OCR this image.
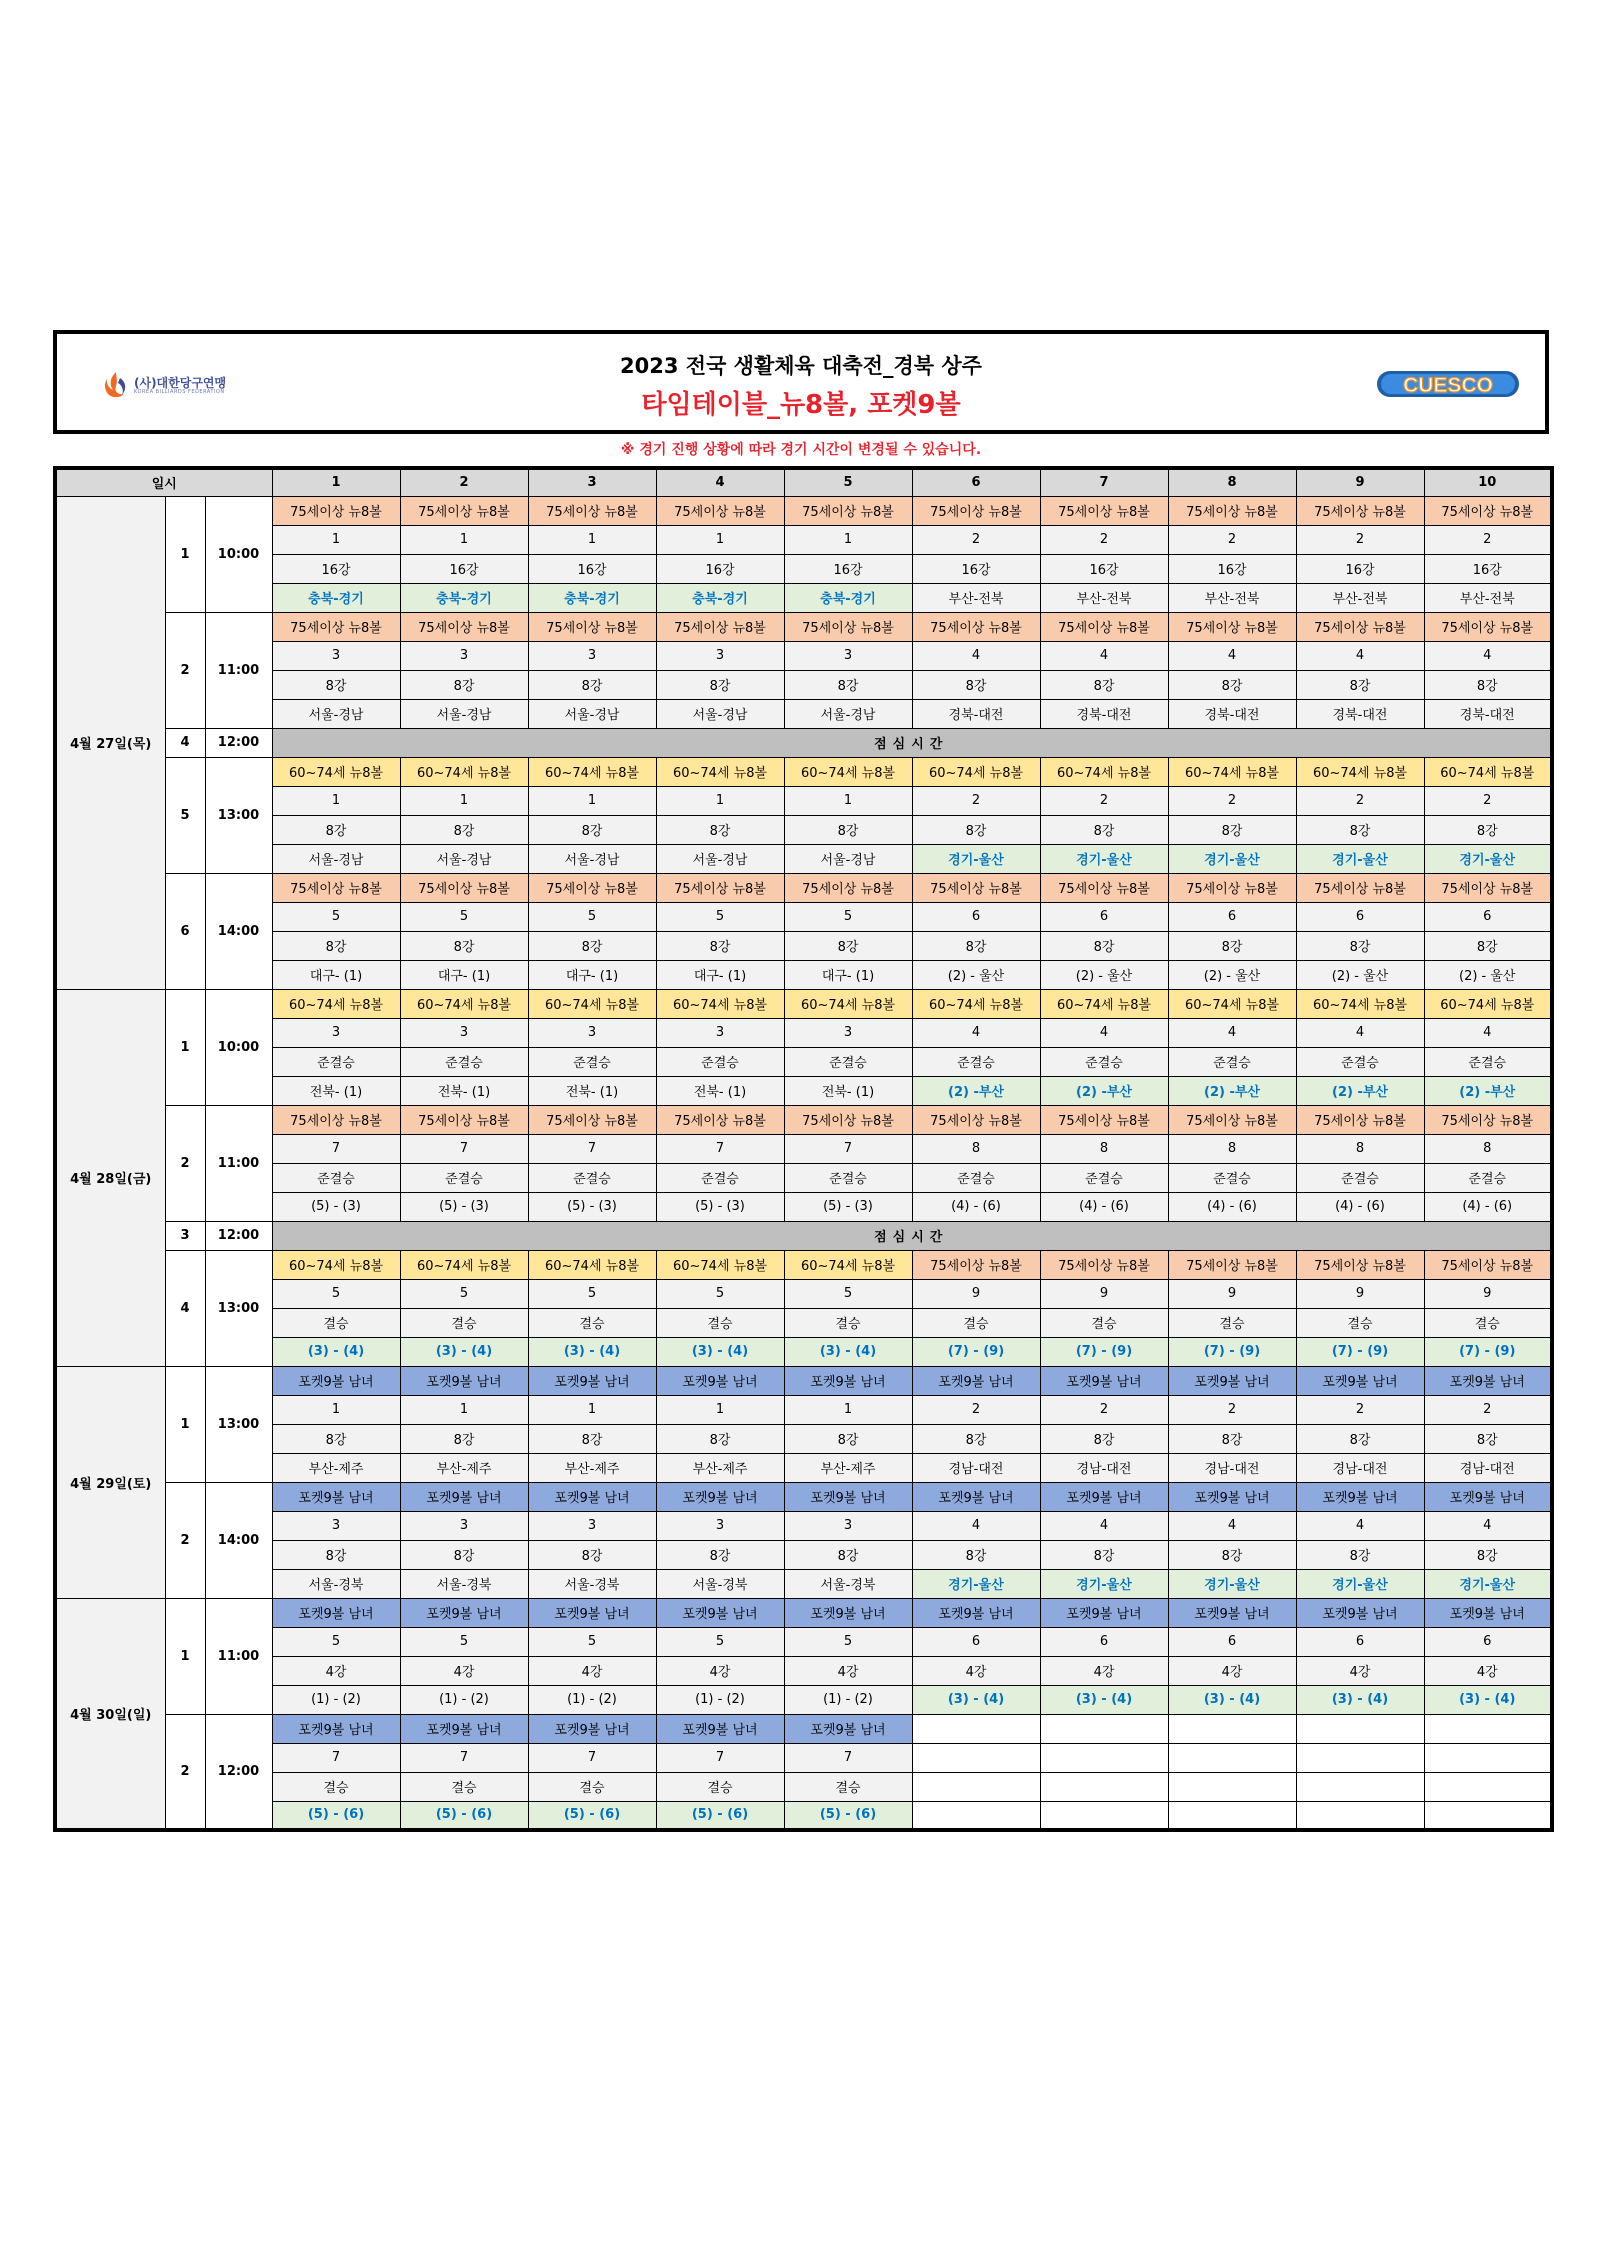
(사)대한당구연맹
KOREA BILLIARDS FEDERATION
2023 전국 생활체육 대축전_경북 상주
타임테이블_뉴8볼, 포켓9볼
CUESCO
※ 경기 진행 상황에 따라 경기 시간이 변경될 수 있습니다.
일시			1	2	3	4	5	6	7	8	9	10
4월 27일(목)	1	10:00	75세이상 뉴8볼	75세이상 뉴8볼	75세이상 뉴8볼	75세이상 뉴8볼	75세이상 뉴8볼	75세이상 뉴8볼	75세이상 뉴8볼	75세이상 뉴8볼	75세이상 뉴8볼	75세이상 뉴8볼
			1	1	1	1	1	2	2	2	2	2
			16강	16강	16강	16강	16강	16강	16강	16강	16강	16강
			충북-경기	충북-경기	충북-경기	충북-경기	충북-경기	부산-전북	부산-전북	부산-전북	부산-전북	부산-전북
	2	11:00	75세이상 뉴8볼	75세이상 뉴8볼	75세이상 뉴8볼	75세이상 뉴8볼	75세이상 뉴8볼	75세이상 뉴8볼	75세이상 뉴8볼	75세이상 뉴8볼	75세이상 뉴8볼	75세이상 뉴8볼
			3	3	3	3	3	4	4	4	4	4
			8강	8강	8강	8강	8강	8강	8강	8강	8강	8강
			서울-경남	서울-경남	서울-경남	서울-경남	서울-경남	경북-대전	경북-대전	경북-대전	경북-대전	경북-대전
	4	12:00	점심시간									

	5	13:00	60~74세 뉴8볼	60~74세 뉴8볼	60~74세 뉴8볼	60~74세 뉴8볼	60~74세 뉴8볼	60~74세 뉴8볼	60~74세 뉴8볼	60~74세 뉴8볼	60~74세 뉴8볼	60~74세 뉴8볼
			1	1	1	1	1	2	2	2	2	2
			8강	8강	8강	8강	8강	8강	8강	8강	8강	8강
			서울-경남	서울-경남	서울-경남	서울-경남	서울-경남	경기-울산	경기-울산	경기-울산	경기-울산	경기-울산
	6	14:00	75세이상 뉴8볼	75세이상 뉴8볼	75세이상 뉴8볼	75세이상 뉴8볼	75세이상 뉴8볼	75세이상 뉴8볼	75세이상 뉴8볼	75세이상 뉴8볼	75세이상 뉴8볼	75세이상 뉴8볼
			5	5	5	5	5	6	6	6	6	6
			8강	8강	8강	8강	8강	8강	8강	8강	8강	8강
			대구- (1)	대구- (1)	대구- (1)	대구- (1)	대구- (1)	(2) - 울산	(2) - 울산	(2) - 울산	(2) - 울산	(2) - 울산
4월 28일(금)	1	10:00	60~74세 뉴8볼	60~74세 뉴8볼	60~74세 뉴8볼	60~74세 뉴8볼	60~74세 뉴8볼	60~74세 뉴8볼	60~74세 뉴8볼	60~74세 뉴8볼	60~74세 뉴8볼	60~74세 뉴8볼
			3	3	3	3	3	4	4	4	4	4
			준결승	준결승	준결승	준결승	준결승	준결승	준결승	준결승	준결승	준결승
			전북- (1)	전북- (1)	전북- (1)	전북- (1)	전북- (1)	(2) -부산	(2) -부산	(2) -부산	(2) -부산	(2) -부산
	2	11:00	75세이상 뉴8볼	75세이상 뉴8볼	75세이상 뉴8볼	75세이상 뉴8볼	75세이상 뉴8볼	75세이상 뉴8볼	75세이상 뉴8볼	75세이상 뉴8볼	75세이상 뉴8볼	75세이상 뉴8볼
			7	7	7	7	7	8	8	8	8	8
			준결승	준결승	준결승	준결승	준결승	준결승	준결승	준결승	준결승	준결승
			(5) - (3)	(5) - (3)	(5) - (3)	(5) - (3)	(5) - (3)	(4) - (6)	(4) - (6)	(4) - (6)	(4) - (6)	(4) - (6)
	3	12:00	점심시간									

	4	13:00	60~74세 뉴8볼	60~74세 뉴8볼	60~74세 뉴8볼	60~74세 뉴8볼	60~74세 뉴8볼	75세이상 뉴8볼	75세이상 뉴8볼	75세이상 뉴8볼	75세이상 뉴8볼	75세이상 뉴8볼
			5	5	5	5	5	9	9	9	9	9
			결승	결승	결승	결승	결승	결승	결승	결승	결승	결승
			(3) - (4)	(3) - (4)	(3) - (4)	(3) - (4)	(3) - (4)	(7) - (9)	(7) - (9)	(7) - (9)	(7) - (9)	(7) - (9)
4월 29일(토)	1	13:00	포켓9볼 남녀	포켓9볼 남녀	포켓9볼 남녀	포켓9볼 남녀	포켓9볼 남녀	포켓9볼 남녀	포켓9볼 남녀	포켓9볼 남녀	포켓9볼 남녀	포켓9볼 남녀
			1	1	1	1	1	2	2	2	2	2
			8강	8강	8강	8강	8강	8강	8강	8강	8강	8강
			부산-제주	부산-제주	부산-제주	부산-제주	부산-제주	경남-대전	경남-대전	경남-대전	경남-대전	경남-대전
	2	14:00	포켓9볼 남녀	포켓9볼 남녀	포켓9볼 남녀	포켓9볼 남녀	포켓9볼 남녀	포켓9볼 남녀	포켓9볼 남녀	포켓9볼 남녀	포켓9볼 남녀	포켓9볼 남녀
			3	3	3	3	3	4	4	4	4	4
			8강	8강	8강	8강	8강	8강	8강	8강	8강	8강
			서울-경북	서울-경북	서울-경북	서울-경북	서울-경북	경기-울산	경기-울산	경기-울산	경기-울산	경기-울산
4월 30일(일)	1	11:00	포켓9볼 남녀	포켓9볼 남녀	포켓9볼 남녀	포켓9볼 남녀	포켓9볼 남녀	포켓9볼 남녀	포켓9볼 남녀	포켓9볼 남녀	포켓9볼 남녀	포켓9볼 남녀
			5	5	5	5	5	6	6	6	6	6
			4강	4강	4강	4강	4강	4강	4강	4강	4강	4강
			(1) - (2)	(1) - (2)	(1) - (2)	(1) - (2)	(1) - (2)	(3) - (4)	(3) - (4)	(3) - (4)	(3) - (4)	(3) - (4)
	2	12:00	포켓9볼 남녀	포켓9볼 남녀	포켓9볼 남녀	포켓9볼 남녀	포켓9볼 남녀					
			7	7	7	7	7					
			결승	결승	결승	결승	결승					
			(5) - (6)	(5) - (6)	(5) - (6)	(5) - (6)	(5) - (6)					
